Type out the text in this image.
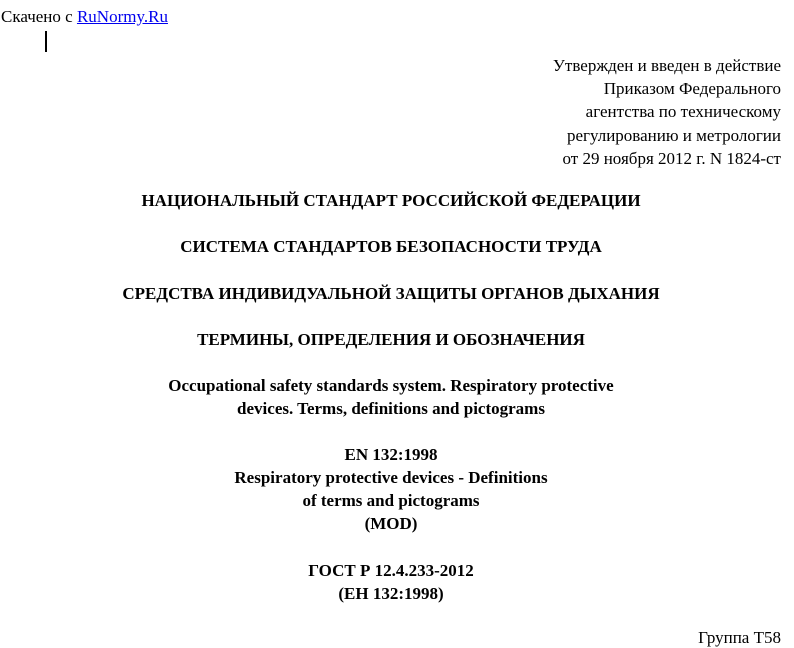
Скачено с RuNormy.Ru
Утвержден и введен в действие
Приказом Федерального
агентства по техническому
регулированию и метрологии
от 29 ноября 2012 г. N 1824-ст
НАЦИОНАЛЬНЫЙ СТАНДАРТ РОССИЙСКОЙ ФЕДЕРАЦИИ
СИСТЕМА СТАНДАРТОВ БЕЗОПАСНОСТИ ТРУДА
СРЕДСТВА ИНДИВИДУАЛЬНОЙ ЗАЩИТЫ ОРГАНОВ ДЫХАНИЯ
ТЕРМИНЫ, ОПРЕДЕЛЕНИЯ И ОБОЗНАЧЕНИЯ
Occupational safety standards system. Respiratory protective
devices. Terms, definitions and pictograms
EN 132:1998
Respiratory protective devices - Definitions
of terms and pictograms
(MOD)
ГОСТ Р 12.4.233-2012
(ЕН 132:1998)
Группа Т58
